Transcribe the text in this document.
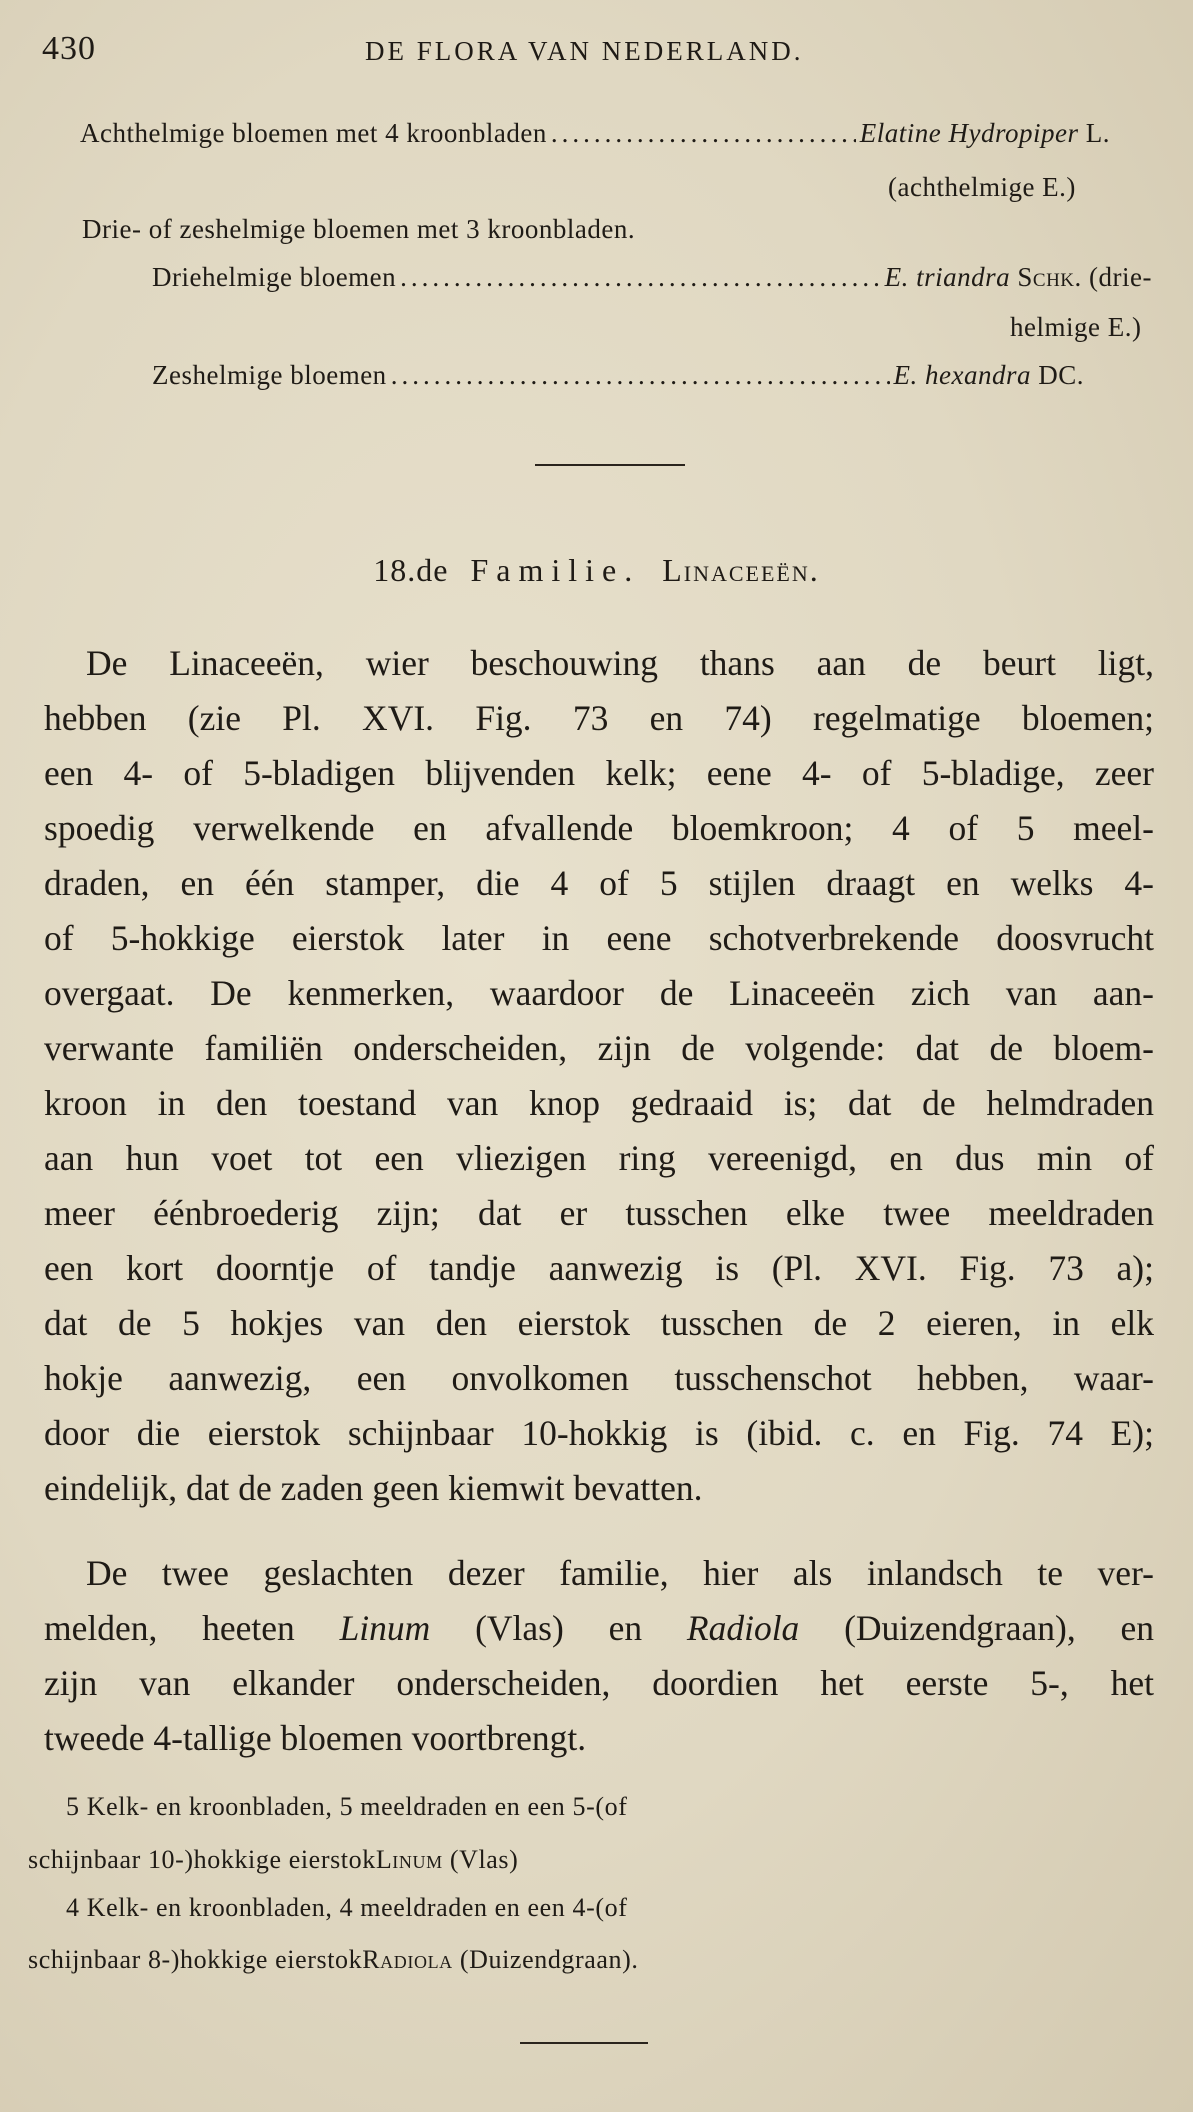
430	DE FLORA VAN NEDERLAND.
Achthelmige bloemen met 4 kroonbladen .....	Elatine Hydropiper
L.
(achthelmige E.)
Drie- of zeshelmige bloemen met 3 kroonbladen.
Driehelmige bloemen .....	E. triandra
Schk.
(drie-
helmige E.)
Zeshelmige bloemen .....	E. hexandra
DC.
18.de Familie. Linaceeën.
De Linaceeën, wier beschouwing thans aan de beurt ligt,
hebben (zie Pl. XVI. Fig. 73 en 74) regelmatige bloemen;
een 4- of 5-bladigen blijvenden kelk; eene 4- of 5-bladige, zeer
spoedig verwelkende en afvallende bloemkroon; 4 of 5 meel-
draden, en één stamper, die 4 of 5 stijlen draagt en welks 4-
of 5-hokkige eierstok later in eene schotverbrekende doosvrucht
overgaat. De kenmerken, waardoor de Linaceeën zich van aan-
verwante familiën onderscheiden, zijn de volgende: dat de bloem-
kroon in den toestand van knop gedraaid is; dat de helmdraden
aan hun voet tot een vliezigen ring vereenigd, en dus min of
meer éénbroederig zijn; dat er tusschen elke twee meeldraden
een kort doorntje of tandje aanwezig is (Pl. XVI. Fig. 73 a);
dat de 5 hokjes van den eierstok tusschen de 2 eieren, in elk
hokje aanwezig, een onvolkomen tusschenschot hebben, waar-
door die eierstok schijnbaar 10-hokkig is (ibid. c. en Fig. 74 E);
eindelijk, dat de zaden geen kiemwit bevatten.
De twee geslachten dezer familie, hier als inlandsch te ver-
melden, heeten Linum (Vlas) en Radiola (Duizendgraan), en
zijn van elkander onderscheiden, doordien het eerste 5-, het
tweede 4-tallige bloemen voortbrengt.
5 Kelk- en kroonbladen, 5 meeldraden en een 5-(of
schijnbaar 10-)hokkige eierstok Linum
(Vlas)
4 Kelk- en kroonbladen, 4 meeldraden en een 4-(of
schijnbaar 8-)hokkige eierstok Radiola
(Duizendgraan).
